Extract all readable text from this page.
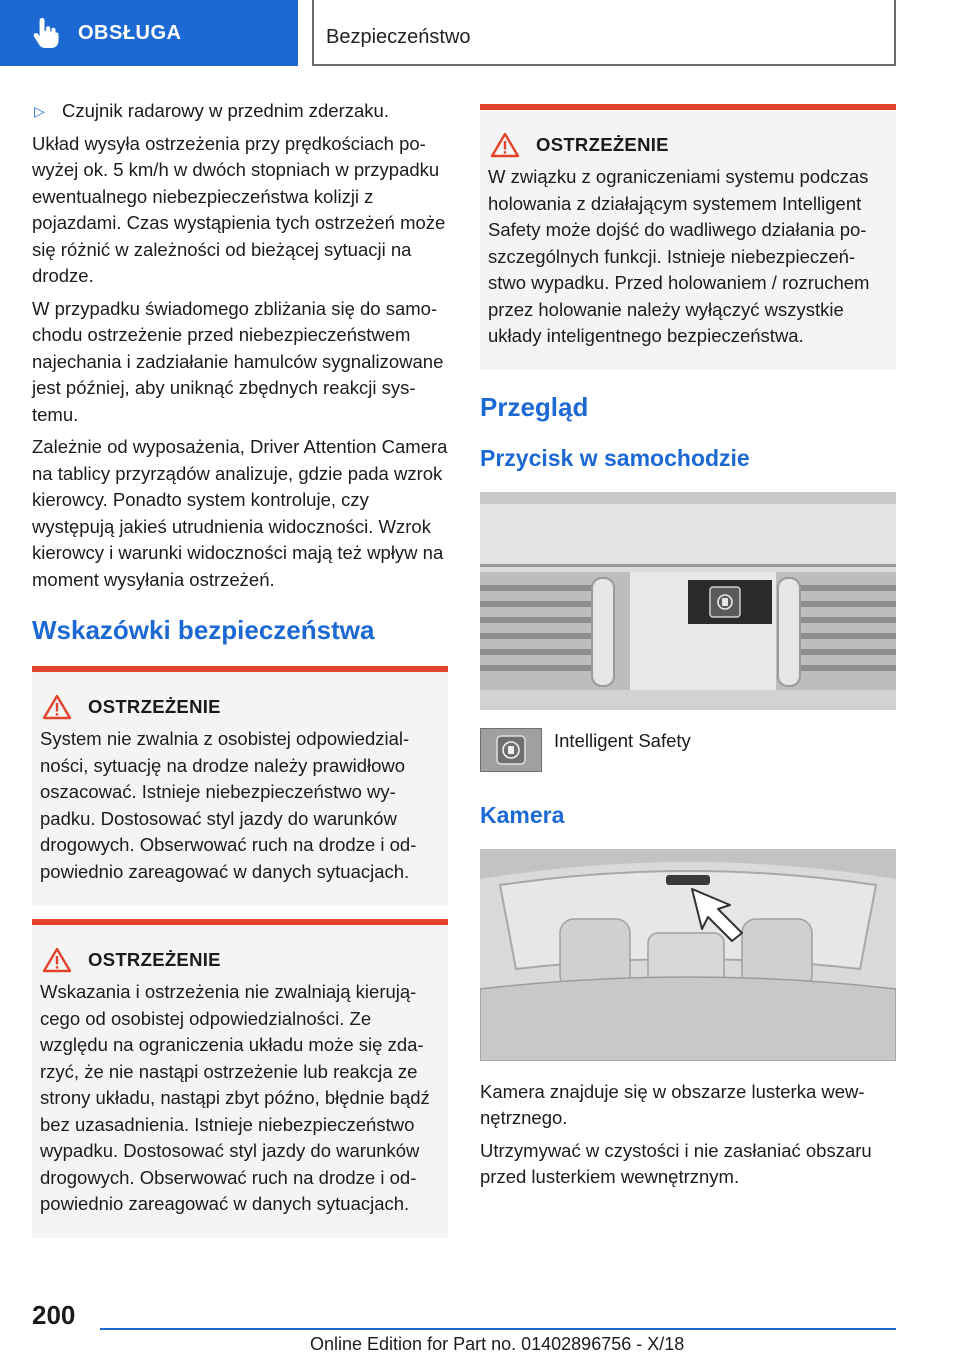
OBSŁUGA	Bezpieczeństwo
▷ Czujnik radarowy w przednim zderzaku.

Układ wysyła ostrzeżenia przy prędkościach powyżej ok. 5 km/h w dwóch stopniach w przypadku ewentualnego niebezpieczeństwa kolizji z pojazdami. Czas wystąpienia tych ostrzeżeń może się różnić w zależności od bieżącej sytuacji na drodze.

W przypadku świadomego zbliżania się do samochodu ostrzeżenie przed niebezpieczeństwem najechania i zadziałanie hamulców sygnalizowane jest później, aby uniknąć zbędnych reakcji systemu.

Zależnie od wyposażenia, Driver Attention Camera na tablicy przyrządów analizuje, gdzie pada wzrok kierowcy. Ponadto system kontroluje, czy występują jakieś utrudnienia widoczności. Wzrok kierowcy i warunki widoczności mają też wpływ na moment wysyłania ostrzeżeń.

Wskazówki bezpieczeństwa
OSTRZEŻENIE

System nie zwalnia z osobistej odpowiedzialności, sytuację na drodze należy prawidłowo oszacować. Istnieje niebezpieczeństwo wypadku. Dostosować styl jazdy do warunków drogowych. Obserwować ruch na drodze i odpowiednio zareagować w danych sytuacjach.

OSTRZEŻENIE

Wskazania i ostrzeżenia nie zwalniają kierującego od osobistej odpowiedzialności. Ze względu na ograniczenia układu może się zdarzyć, że nie nastąpi ostrzeżenie lub reakcja ze strony układu, nastąpi zbyt późno, błędnie bądź bez uzasadnienia. Istnieje niebezpieczeństwo wypadku. Dostosować styl jazdy do warunków drogowych. Obserwować ruch na drodze i odpowiednio zareagować w danych sytuacjach.

OSTRZEŻENIE

W związku z ograniczeniami systemu podczas holowania z działającym systemem Intelligent Safety może dojść do wadliwego działania poszczególnych funkcji. Istnieje niebezpieczeństwo wypadku. Przed holowaniem / rozruchem przez holowanie należy wyłączyć wszystkie układy inteligentnego bezpieczeństwa.

Przegląd
Przycisk w samochodzie
Intelligent Safety
Kamera

Kamera znajduje się w obszarze lusterka wewnętrznego.

Utrzymywać w czystości i nie zasłaniać obszaru przed lusterkiem wewnętrznym.

200
Online Edition for Part no. 01402896756 - X/18
